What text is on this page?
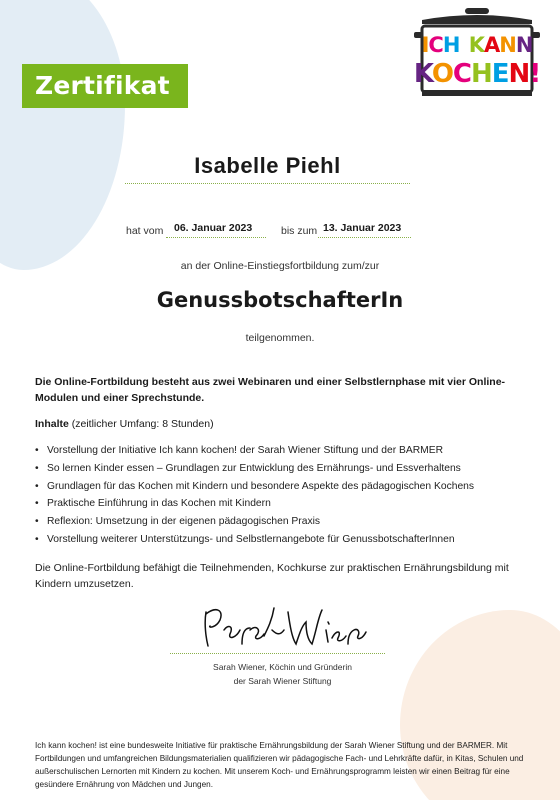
Zertifikat
ICH KANN
KOCHEN!
Isabelle Piehl
hat vom 06. Januar 2023	bis zum 13. Januar 2023
an der Online-Einstiegsfortbildung zum/zur
GenussbotschafterIn
teilgenommen.
Die Online-Fortbildung besteht aus zwei Webinaren und einer Selbstlernphase mit vier Online-Modulen und einer Sprechstunde.
Inhalte (zeitlicher Umfang: 8 Stunden)
• Vorstellung der Initiative Ich kann kochen! der Sarah Wiener Stiftung und der BARMER
• So lernen Kinder essen – Grundlagen zur Entwicklung des Ernährungs- und Essverhaltens
• Grundlagen für das Kochen mit Kindern und besondere Aspekte des pädagogischen Kochens
• Praktische Einführung in das Kochen mit Kindern
• Reflexion: Umsetzung in der eigenen pädagogischen Praxis
• Vorstellung weiterer Unterstützungs- und Selbstlernangebote für GenussbotschafterInnen
Die Online-Fortbildung befähigt die Teilnehmenden, Kochkurse zur praktischen Ernährungsbildung mit Kindern umzusetzen.
Sarah Wiener, Köchin und Gründerin
der Sarah Wiener Stiftung
Ich kann kochen! ist eine bundesweite Initiative für praktische Ernährungsbildung der Sarah Wiener Stiftung und der BARMER. Mit Fortbildungen und umfangreichen Bildungsmaterialien qualifizieren wir pädagogische Fach- und Lehrkräfte dafür, in Kitas, Schulen und außerschulischen Lernorten mit Kindern zu kochen. Mit unserem Koch- und Ernährungsprogramm leisten wir einen Beitrag für eine gesündere Ernährung von Mädchen und Jungen.
